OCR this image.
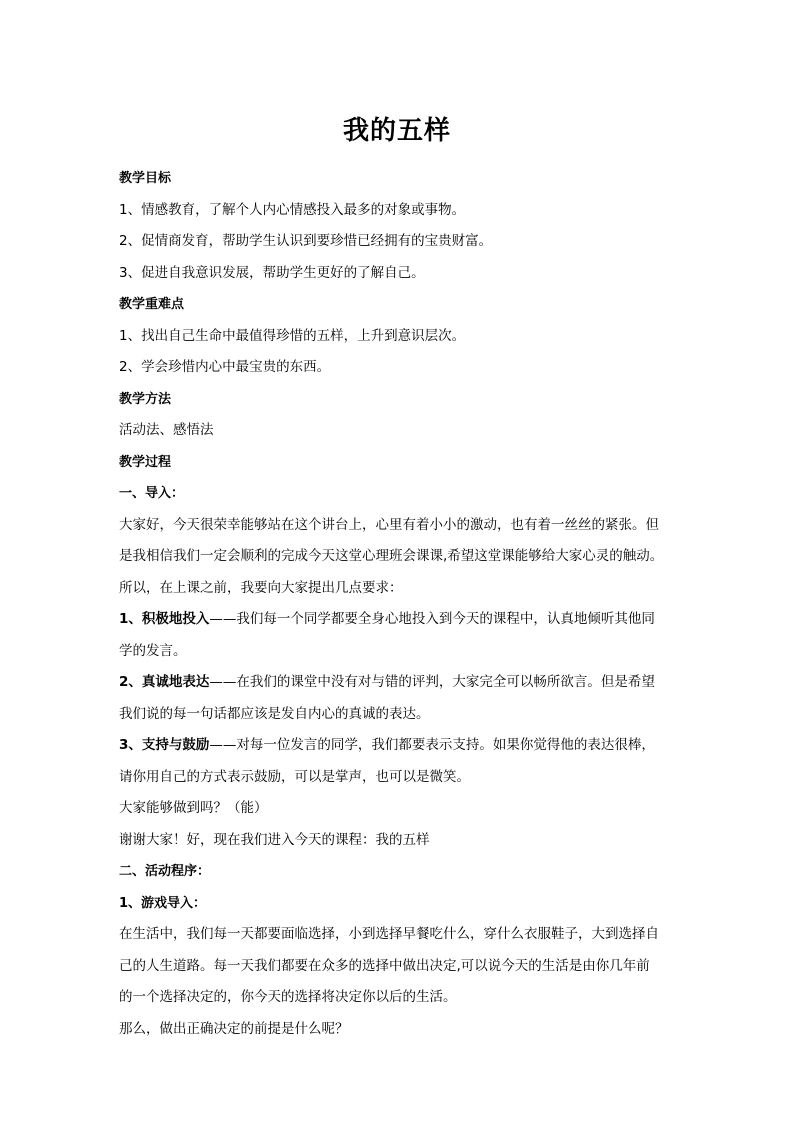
我的五样
教学目标
1、情感教育，了解个人内心情感投入最多的对象或事物。
2、促情商发育，帮助学生认识到要珍惜已经拥有的宝贵财富。
3、促进自我意识发展，帮助学生更好的了解自己。
教学重难点
1、找出自己生命中最值得珍惜的五样，上升到意识层次。
2、学会珍惜内心中最宝贵的东西。
教学方法
活动法、感悟法
教学过程
一、导入：
大家好，今天很荣幸能够站在这个讲台上，心里有着小小的激动，也有着一丝丝的紧张。但
是我相信我们一定会顺利的完成今天这堂心理班会课课,希望这堂课能够给大家心灵的触动。
所以，在上课之前，我要向大家提出几点要求：
1、积极地投入——我们每一个同学都要全身心地投入到今天的课程中，认真地倾听其他同
学的发言。
2、真诚地表达——在我们的课堂中没有对与错的评判，大家完全可以畅所欲言。但是希望
我们说的每一句话都应该是发自内心的真诚的表达。
3、支持与鼓励——对每一位发言的同学，我们都要表示支持。如果你觉得他的表达很棒，
请你用自己的方式表示鼓励，可以是掌声，也可以是微笑。
大家能够做到吗？（能）
谢谢大家！好，现在我们进入今天的课程：我的五样
二、活动程序：
1、游戏导入：
在生活中，我们每一天都要面临选择，小到选择早餐吃什么，穿什么衣服鞋子，大到选择自
己的人生道路。每一天我们都要在众多的选择中做出决定,可以说今天的生活是由你几年前
的一个选择决定的，你今天的选择将决定你以后的生活。
那么，做出正确决定的前提是什么呢？
